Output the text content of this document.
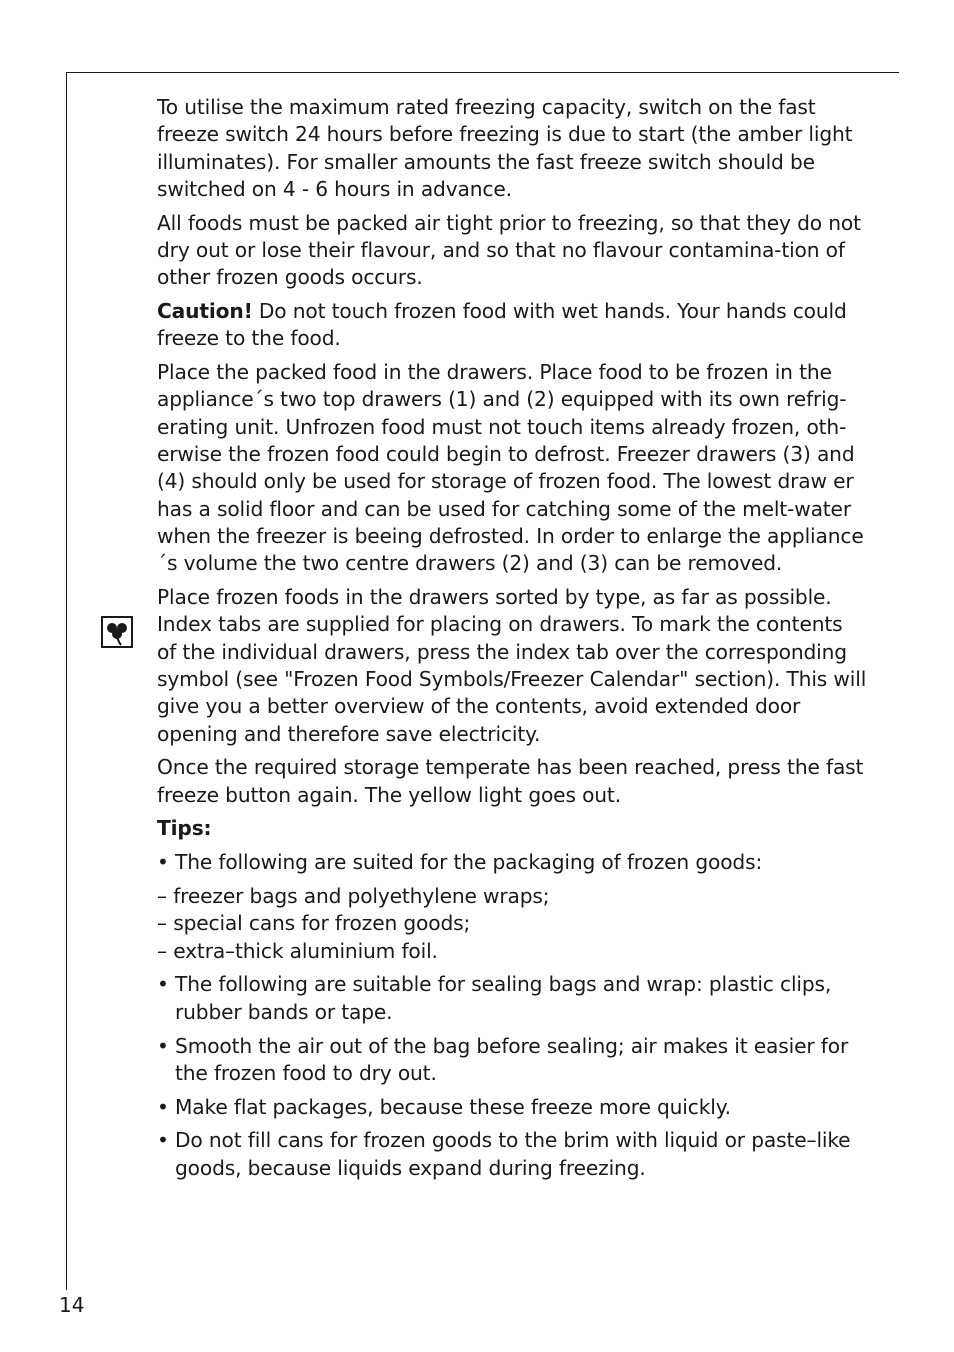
To utilise the maximum rated freezing capacity, switch on the fast freeze switch 24 hours before freezing is due to start (the amber light illuminates). For smaller amounts the fast freeze switch should be switched on 4 - 6 hours in advance.

All foods must be packed air tight prior to freezing, so that they do not dry out or lose their flavour, and so that no flavour contamina-tion of other frozen goods occurs.

Caution! Do not touch frozen food with wet hands. Your hands could freeze to the food.

Place the packed food in the drawers. Place food to be frozen in the appliance´s two top drawers (1) and (2) equipped with its own refrig-erating unit. Unfrozen food must not touch items already frozen, oth-erwise the frozen food could begin to defrost. Freezer drawers (3) and (4) should only be used for storage of frozen food. The lowest draw er has a solid floor and can be used for catching some of the melt-water when the freezer is beeing defrosted. In order to enlarge the appliance´s volume the two centre drawers (2) and (3) can be removed.

Place frozen foods in the drawers sorted by type, as far as possible. Index tabs are supplied for placing on drawers. To mark the contents of the individual drawers, press the index tab over the corresponding symbol (see "Frozen Food Symbols/Freezer Calendar" section). This will give you a better overview of the contents, avoid extended door opening and therefore save electricity.

Once the required storage temperate has been reached, press the fast freeze button again. The yellow light goes out.

Tips:

• The following are suited for the packaging of frozen goods:

– freezer bags and polyethylene wraps;

– special cans for frozen goods;

– extra–thick aluminium foil.

• The following are suitable for sealing bags and wrap: plastic clips, rubber bands or tape.

• Smooth the air out of the bag before sealing; air makes it easier for the frozen food to dry out.

• Make flat packages, because these freeze more quickly.

• Do not fill cans for frozen goods to the brim with liquid or paste–like goods, because liquids expand during freezing.

14
